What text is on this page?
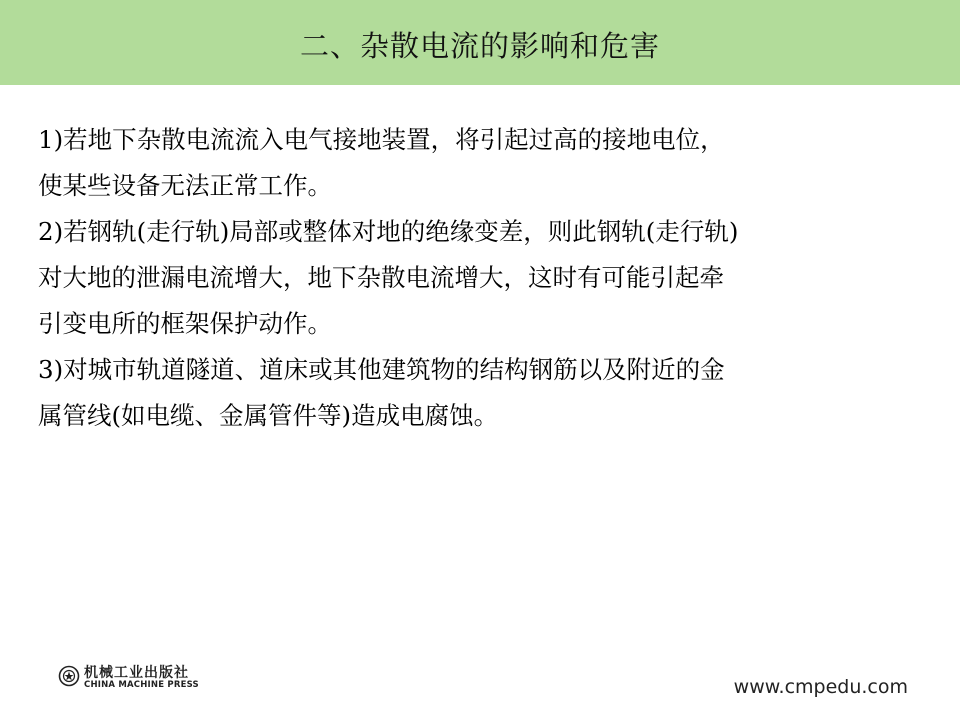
二、杂散电流的影响和危害
1)若地下杂散电流流入电气接地装置，将引起过高的接地电位，
使某些设备无法正常工作。
2)若钢轨(走行轨)局部或整体对地的绝缘变差，则此钢轨(走行轨)
对大地的泄漏电流增大，地下杂散电流增大，这时有可能引起牵
引变电所的框架保护动作。
3)对城市轨道隧道、道床或其他建筑物的结构钢筋以及附近的金
属管线(如电缆、金属管件等)造成电腐蚀。
机械工业出版社
CHINA MACHINE PRESS	www.cmpedu.com
